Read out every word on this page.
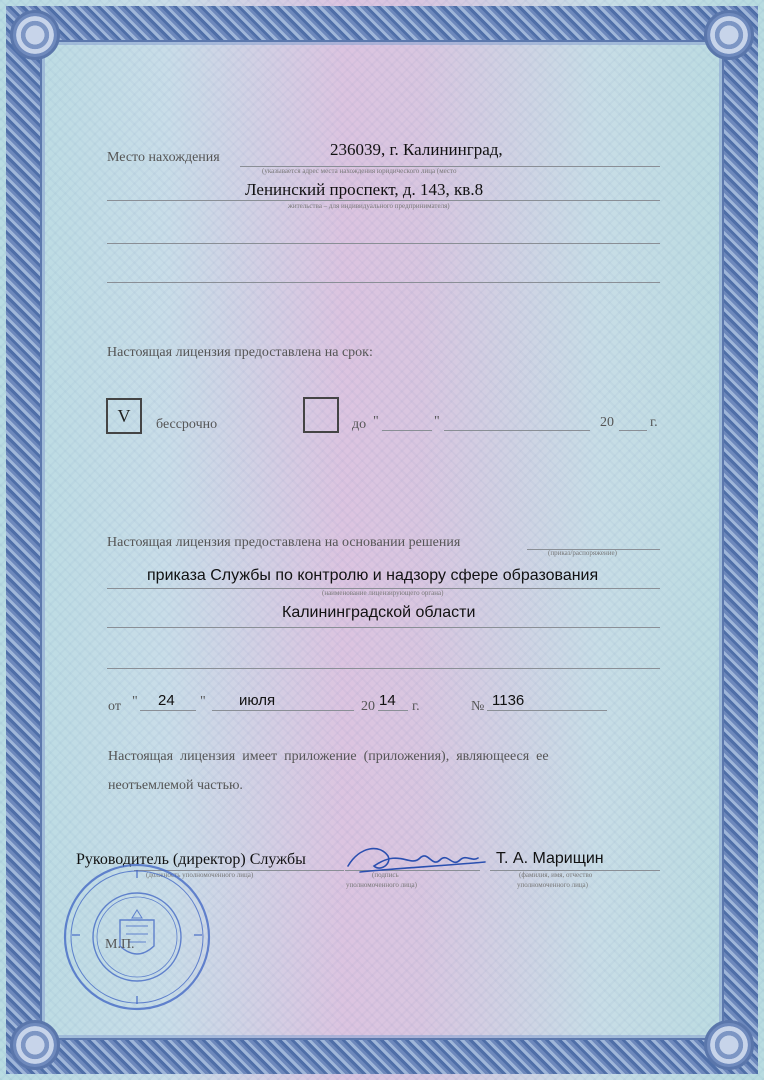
Место нахождения	236039, г. Калининград,
(указывается адрес места нахождения юридического лица (место
Ленинский проспект, д. 143, кв.8
жительства – для индивидуального предпринимателя)
Настоящая лицензия предоставлена на срок:
V	бессрочно	до "	"	20	г.
Настоящая лицензия предоставлена на основании решения
(приказ/распоряжение)
приказа Службы по контролю и надзору сфере образования
(наименование лицензирующего органа)
Калининградской области
от " 24 " июля	20 14 г.	№ 1136
Настоящая  лицензия  имеет  приложение  (приложения),  являющееся  ее
неотъемлемой частью.
Руководитель (директор) Службы
(должность уполномоченного лица)	(подпись
уполномоченного лица)
Т. А. Марищин
(фамилия, имя, отчество
уполномоченного лица)
М.П.
